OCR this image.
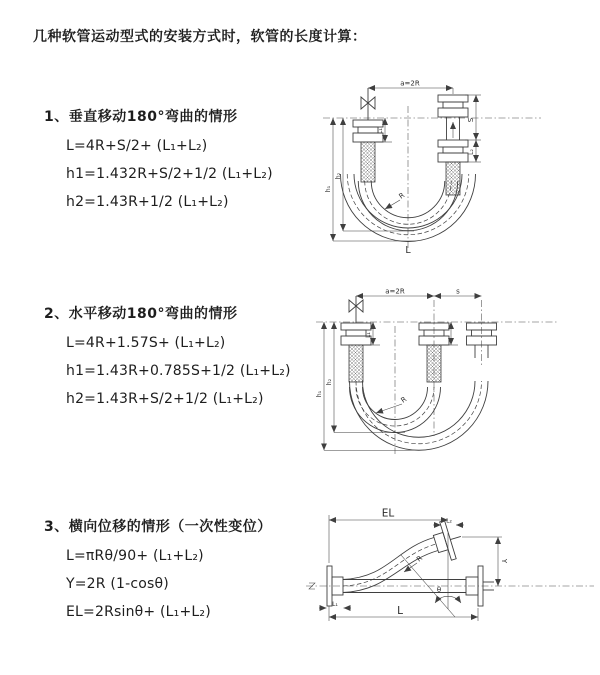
几种软管运动型式的安装方式时，软管的长度计算：
1、垂直移动180°弯曲的情形

L=4R+S/2+ (L₁+L₂)

h1=1.432R+S/2+1/2 (L₁+L₂)

h2=1.43R+1/2 (L₁+L₂)

2、水平移动180°弯曲的情形

L=4R+1.57S+ (L₁+L₂)

h1=1.43R+0.785S+1/2 (L₁+L₂)

h2=1.43R+S/2+1/2 (L₁+L₂)

3、横向位移的情形（一次性变位）

L=πRθ/90+ (L₁+L₂)

Y=2R (1-cosθ)

EL=2Rsinθ+ (L₁+L₂)

a=2R
S
L₂
L₁
h₂
h₁
R
L
a=2R	s
L₁
h₂
h₁
R
EL
L₂
Y
R
θ
L₁
L
